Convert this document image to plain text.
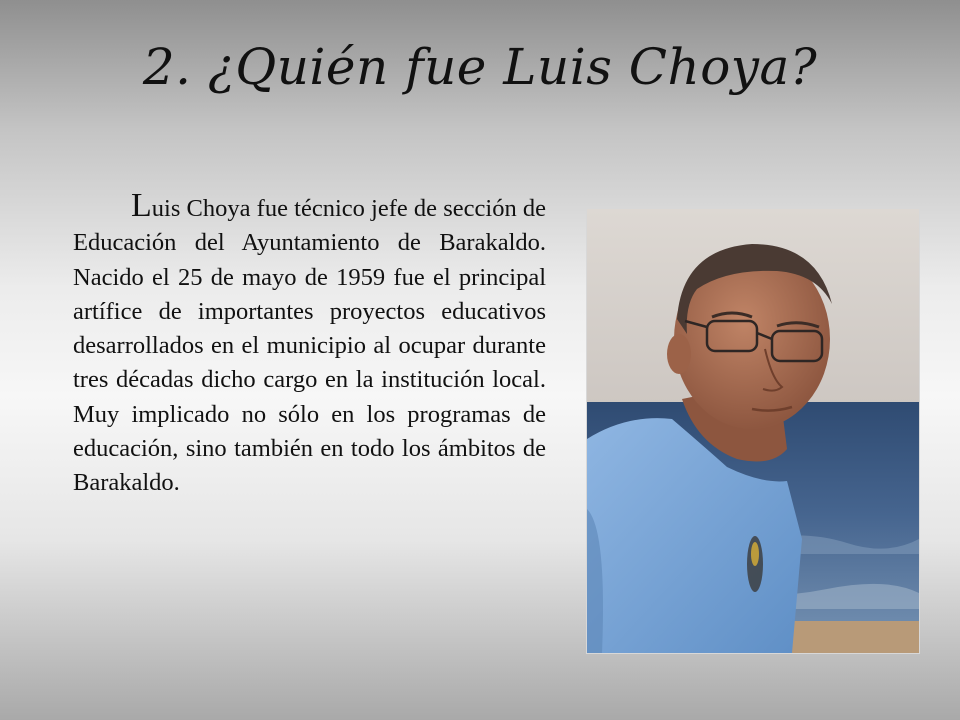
2. ¿Quién fue Luis Choya?

Luis Choya fue técnico jefe de sección de Educación del Ayuntamiento de Barakaldo. Nacido el 25 de mayo de 1959 fue el principal artífice de importantes proyectos educativos desarrollados en el municipio al ocupar durante tres décadas dicho cargo en la institución local. Muy implicado no sólo en los programas de educación, sino también en todo los ámbitos de Barakaldo.
